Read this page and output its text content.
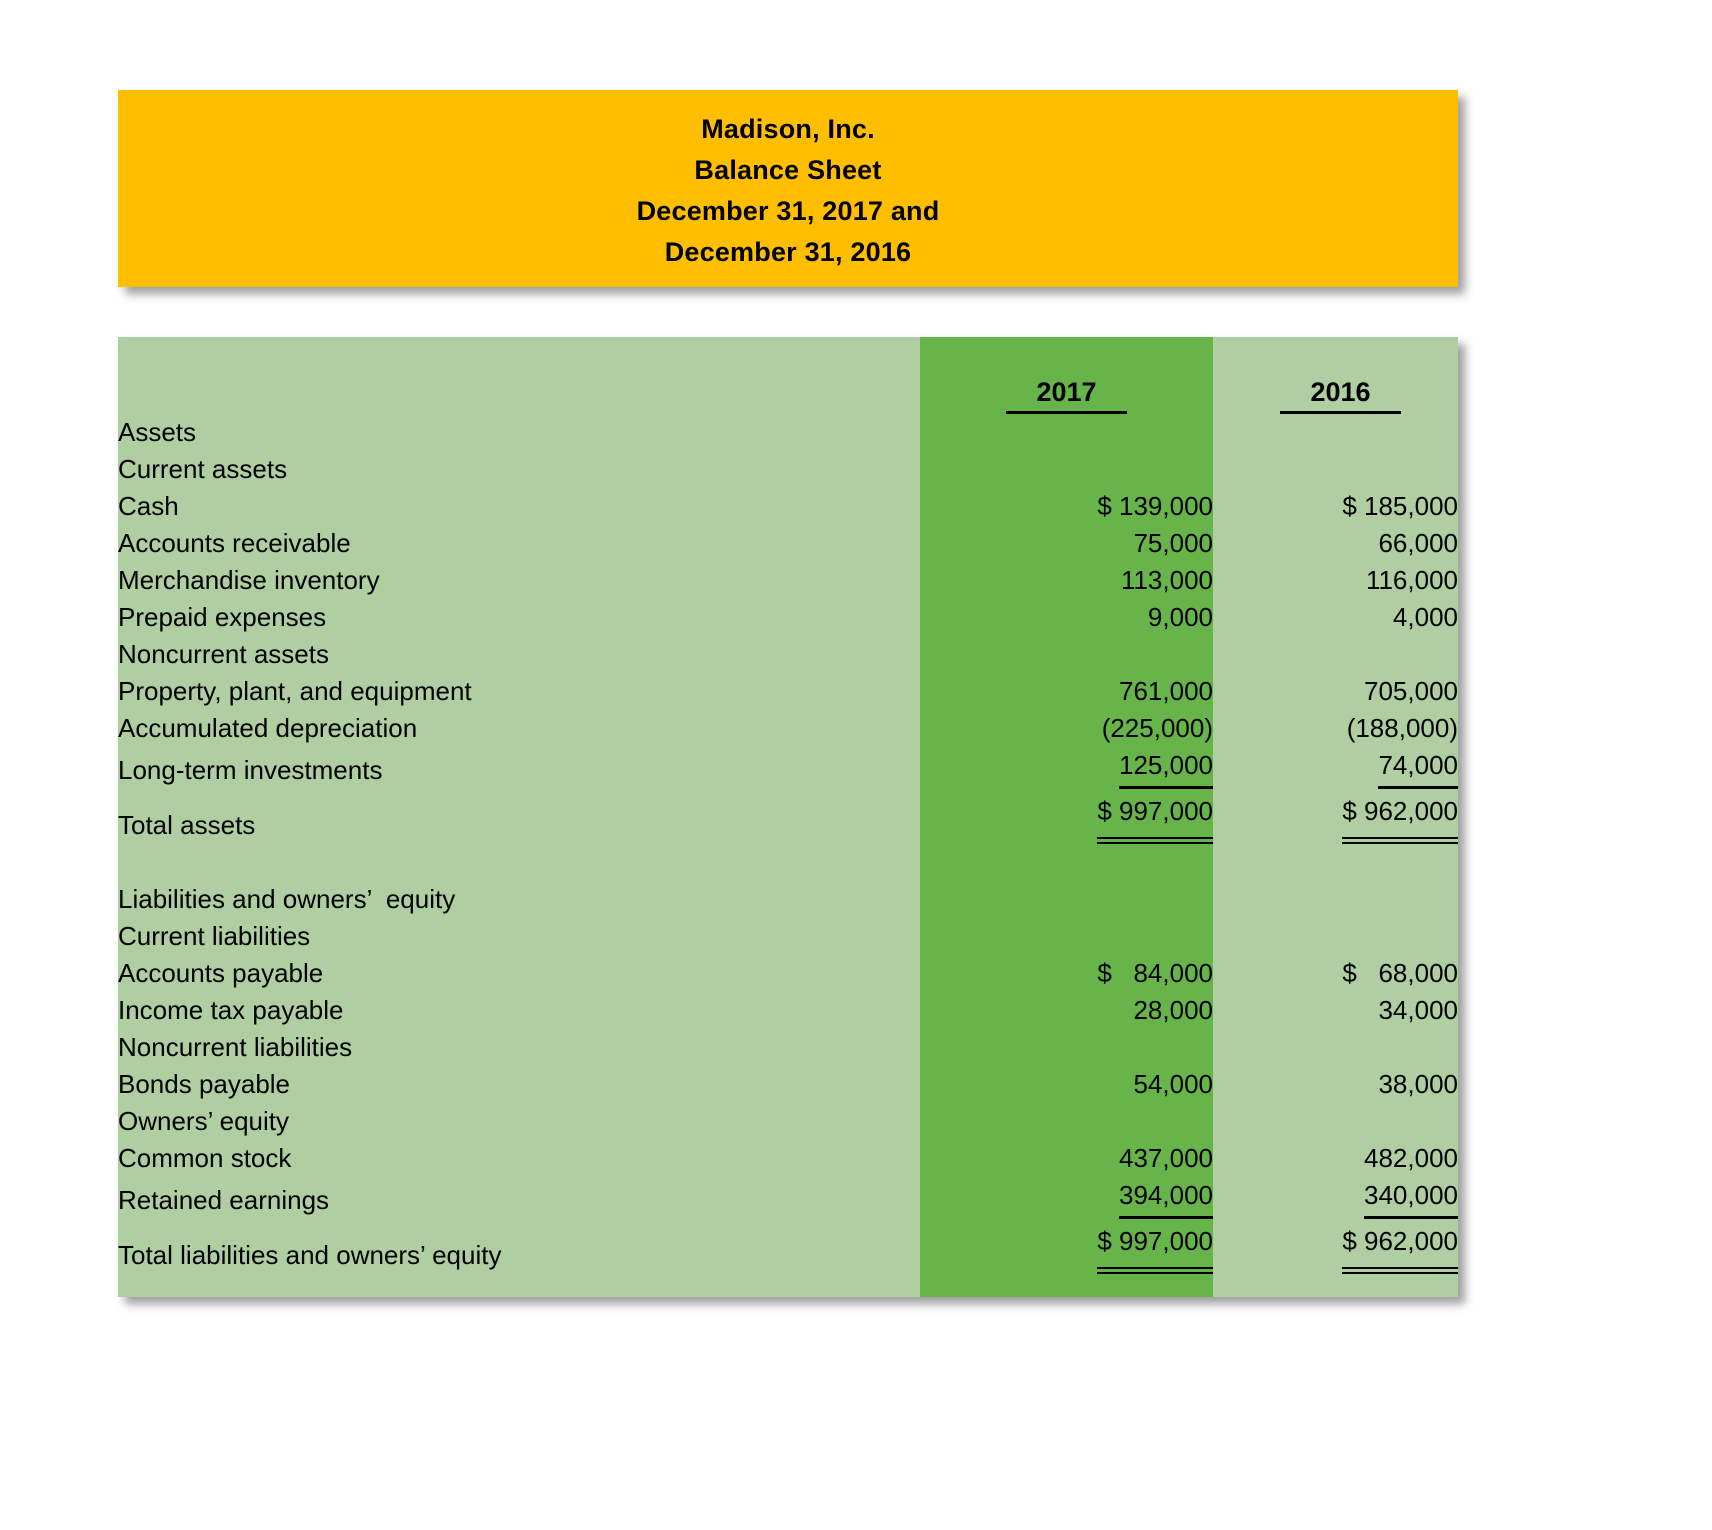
Madison, Inc.
Balance Sheet
December 31, 2017 and
December 31, 2016

	2017		2016
Assets			
Current assets			
Cash	$ 139,000		$ 185,000
Accounts receivable	75,000		66,000
Merchandise inventory	113,000		116,000
Prepaid expenses	9,000		4,000
Noncurrent assets			
Property, plant, and equipment	761,000		705,000
Accumulated depreciation	(225,000)		(188,000)
Long-term investments	125,000		74,000
Total assets	$ 997,000		$ 962,000

Liabilities and owners’  equity			
Current liabilities			
Accounts payable	$   84,000		$   68,000
Income tax payable	28,000		34,000
Noncurrent liabilities			
Bonds payable	54,000		38,000
Owners’ equity			
Common stock	437,000		482,000
Retained earnings	394,000		340,000
Total liabilities and owners’ equity	$ 997,000		$ 962,000
